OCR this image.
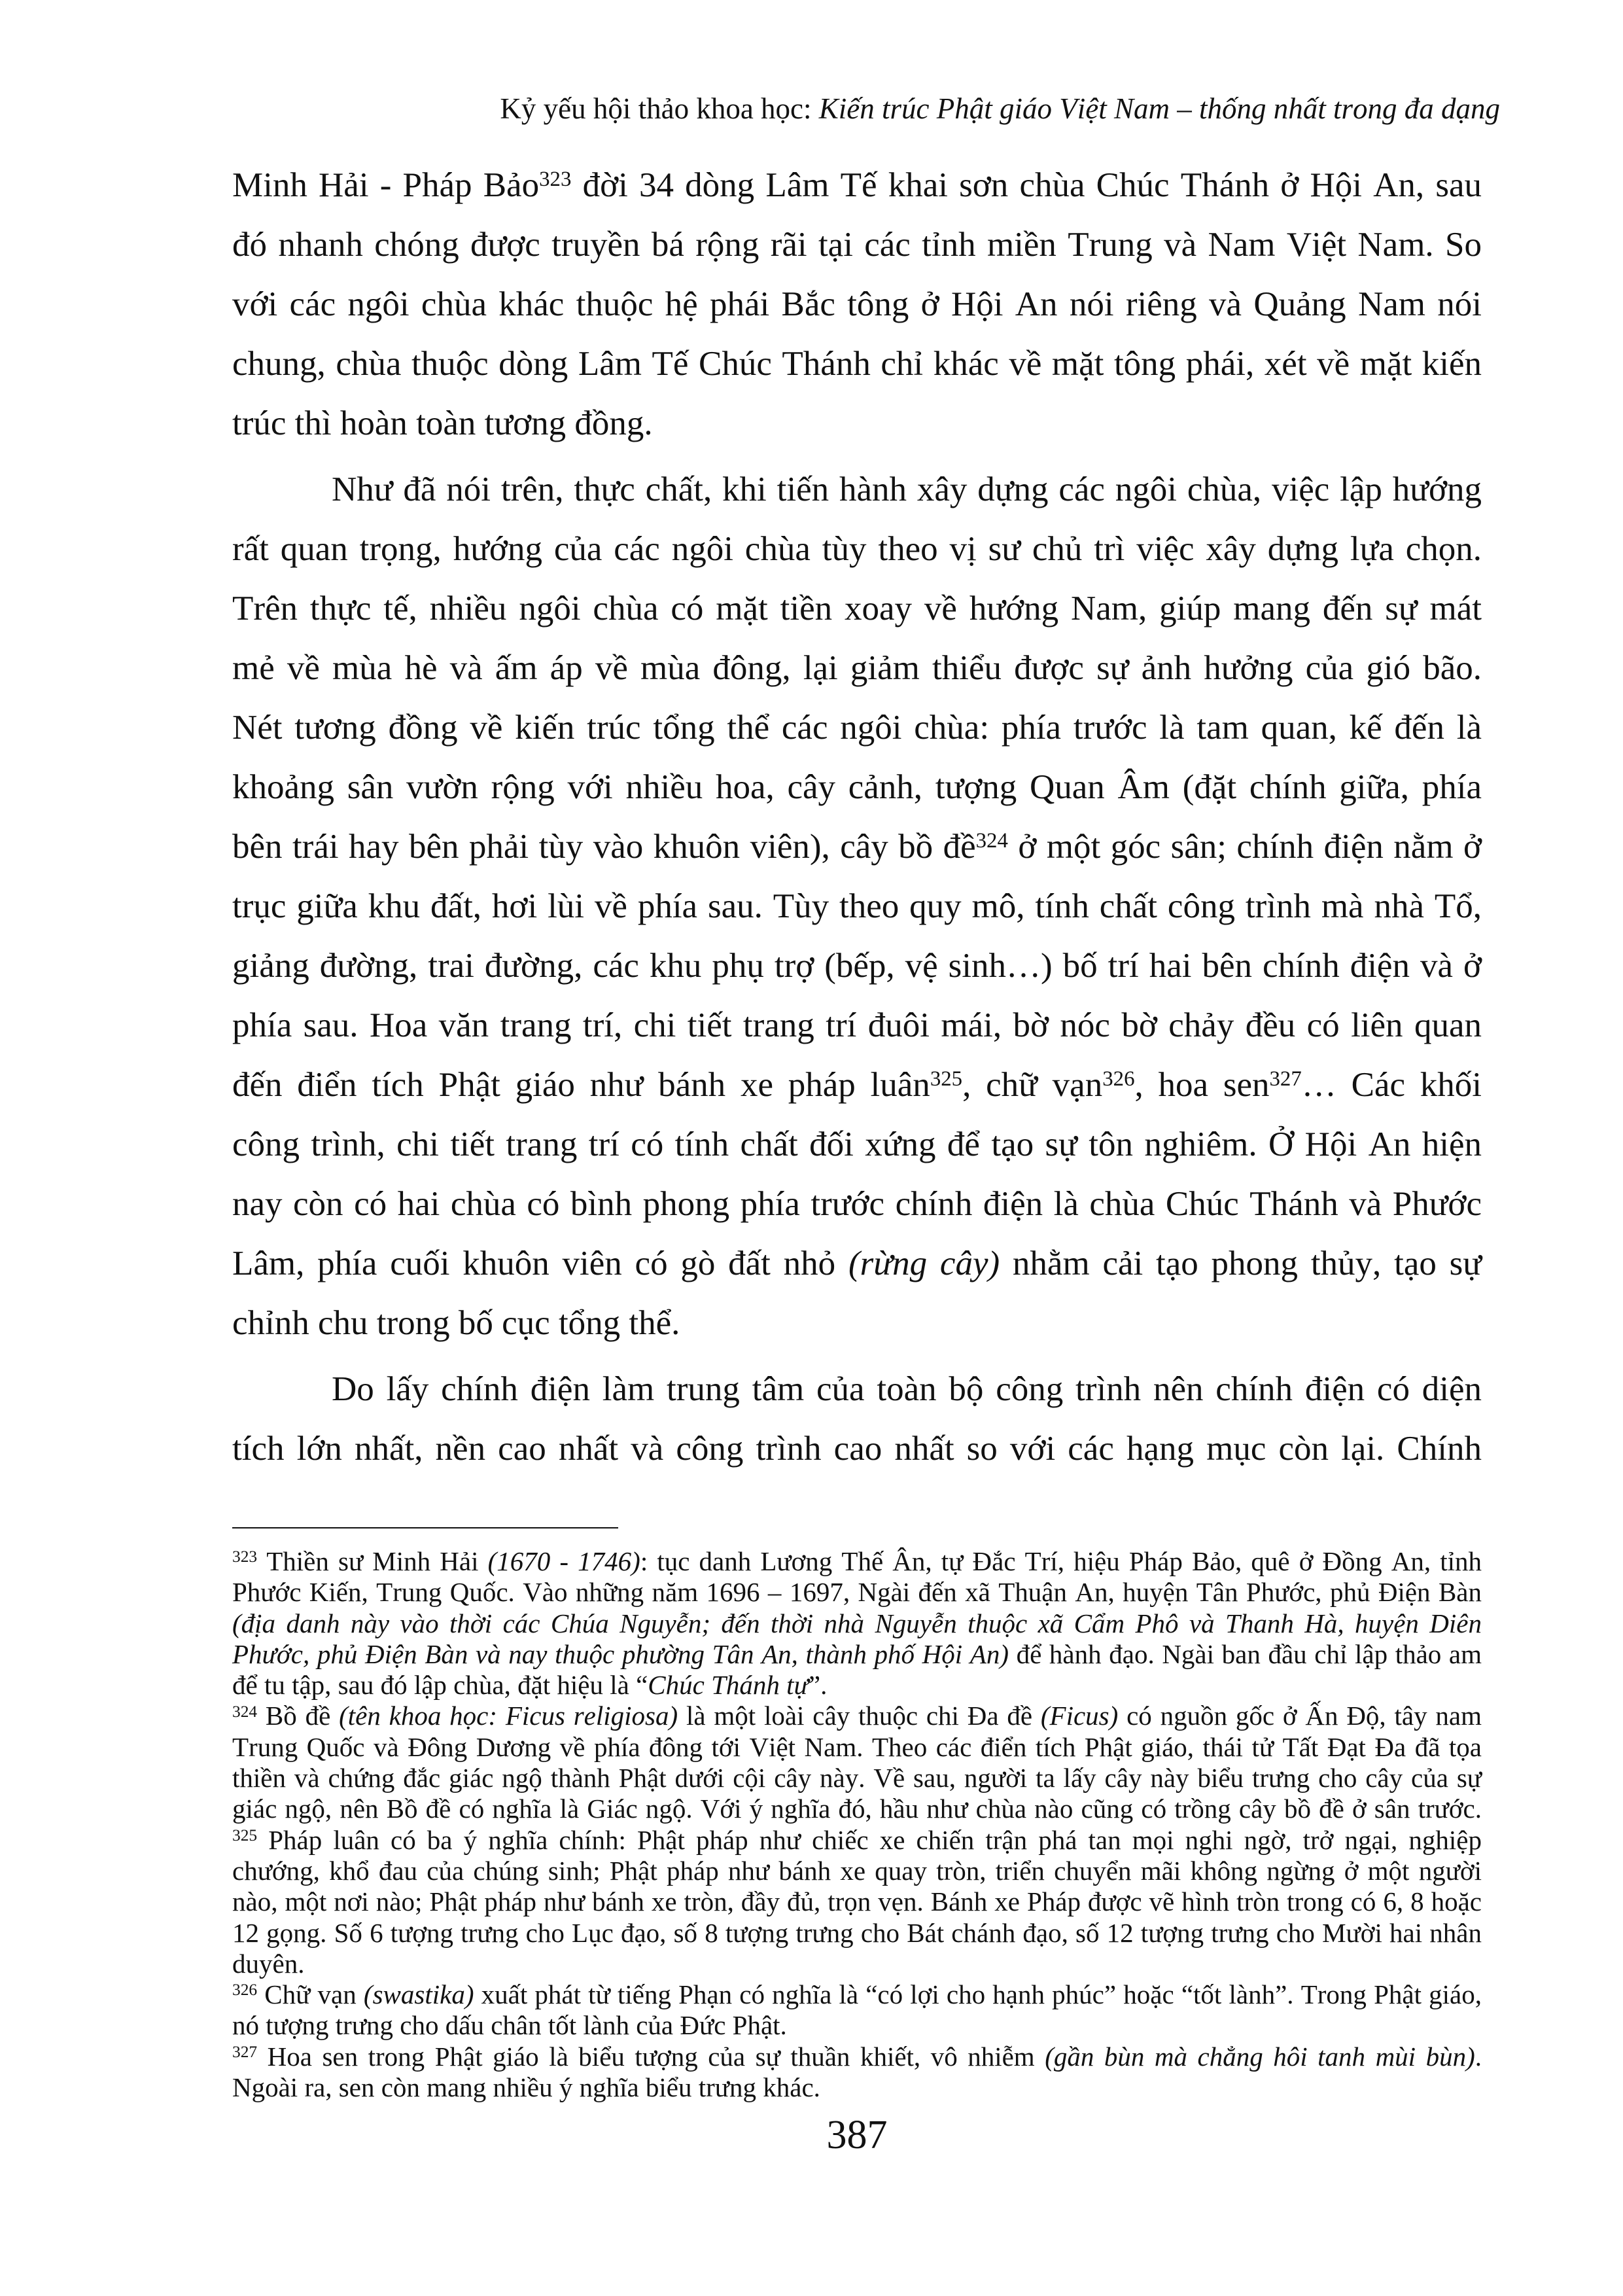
Kỷ yếu hội thảo khoa học: Kiến trúc Phật giáo Việt Nam – thống nhất trong đa dạng
Minh Hải - Pháp Bảo$^{323}$ đời 34 dòng Lâm Tế khai sơn chùa Chúc Thánh ở Hội An, sau
đó nhanh chóng được truyền bá rộng rãi tại các tỉnh miền Trung và Nam Việt Nam. So
với các ngôi chùa khác thuộc hệ phái Bắc tông ở Hội An nói riêng và Quảng Nam nói
chung, chùa thuộc dòng Lâm Tế Chúc Thánh chỉ khác về mặt tông phái, xét về mặt kiến
trúc thì hoàn toàn tương đồng.
Như đã nói trên, thực chất, khi tiến hành xây dựng các ngôi chùa, việc lập hướng
rất quan trọng, hướng của các ngôi chùa tùy theo vị sư chủ trì việc xây dựng lựa chọn.
Trên thực tế, nhiều ngôi chùa có mặt tiền xoay về hướng Nam, giúp mang đến sự mát
mẻ về mùa hè và ấm áp về mùa đông, lại giảm thiểu được sự ảnh hưởng của gió bão.
Nét tương đồng về kiến trúc tổng thể các ngôi chùa: phía trước là tam quan, kế đến là
khoảng sân vườn rộng với nhiều hoa, cây cảnh, tượng Quan Âm (đặt chính giữa, phía
bên trái hay bên phải tùy vào khuôn viên), cây bồ đề$^{324}$ ở một góc sân; chính điện nằm ở
trục giữa khu đất, hơi lùi về phía sau. Tùy theo quy mô, tính chất công trình mà nhà Tổ,
giảng đường, trai đường, các khu phụ trợ (bếp, vệ sinh…) bố trí hai bên chính điện và ở
phía sau. Hoa văn trang trí, chi tiết trang trí đuôi mái, bờ nóc bờ chảy đều có liên quan
đến điển tích Phật giáo như bánh xe pháp luân$^{325}$, chữ vạn$^{326}$, hoa sen$^{327}$… Các khối
công trình, chi tiết trang trí có tính chất đối xứng để tạo sự tôn nghiêm. Ở Hội An hiện
nay còn có hai chùa có bình phong phía trước chính điện là chùa Chúc Thánh và Phước
Lâm, phía cuối khuôn viên có gò đất nhỏ (rừng cây) nhằm cải tạo phong thủy, tạo sự
chỉnh chu trong bố cục tổng thể.
Do lấy chính điện làm trung tâm của toàn bộ công trình nên chính điện có diện
tích lớn nhất, nền cao nhất và công trình cao nhất so với các hạng mục còn lại. Chính
$^{323}$ Thiền sư Minh Hải (1670 - 1746): tục danh Lương Thế Ân, tự Đắc Trí, hiệu Pháp Bảo, quê ở Đồng An, tỉnh
Phước Kiến, Trung Quốc. Vào những năm 1696 – 1697, Ngài đến xã Thuận An, huyện Tân Phước, phủ Điện Bàn
(địa danh này vào thời các Chúa Nguyễn; đến thời nhà Nguyễn thuộc xã Cẩm Phô và Thanh Hà, huyện Diên
Phước, phủ Điện Bàn và nay thuộc phường Tân An, thành phố Hội An) để hành đạo. Ngài ban đầu chỉ lập thảo am
để tu tập, sau đó lập chùa, đặt hiệu là “Chúc Thánh tự”.
$^{324}$ Bồ đề (tên khoa học: Ficus religiosa) là một loài cây thuộc chi Đa đề (Ficus) có nguồn gốc ở Ấn Độ, tây nam
Trung Quốc và Đông Dương về phía đông tới Việt Nam. Theo các điển tích Phật giáo, thái tử Tất Đạt Đa đã tọa
thiền và chứng đắc giác ngộ thành Phật dưới cội cây này. Về sau, người ta lấy cây này biểu trưng cho cây của sự
giác ngộ, nên Bồ đề có nghĩa là Giác ngộ. Với ý nghĩa đó, hầu như chùa nào cũng có trồng cây bồ đề ở sân trước.
$^{325}$ Pháp luân có ba ý nghĩa chính: Phật pháp như chiếc xe chiến trận phá tan mọi nghi ngờ, trở ngại, nghiệp
chướng, khổ đau của chúng sinh; Phật pháp như bánh xe quay tròn, triển chuyển mãi không ngừng ở một người
nào, một nơi nào; Phật pháp như bánh xe tròn, đầy đủ, trọn vẹn. Bánh xe Pháp được vẽ hình tròn trong có 6, 8 hoặc
12 gọng. Số 6 tượng trưng cho Lục đạo, số 8 tượng trưng cho Bát chánh đạo, số 12 tượng trưng cho Mười hai nhân
duyên.
$^{326}$ Chữ vạn (swastika) xuất phát từ tiếng Phạn có nghĩa là “có lợi cho hạnh phúc” hoặc “tốt lành”. Trong Phật giáo,
nó tượng trưng cho dấu chân tốt lành của Đức Phật.
$^{327}$ Hoa sen trong Phật giáo là biểu tượng của sự thuần khiết, vô nhiễm (gần bùn mà chẳng hôi tanh mùi bùn).
Ngoài ra, sen còn mang nhiều ý nghĩa biểu trưng khác.
387
